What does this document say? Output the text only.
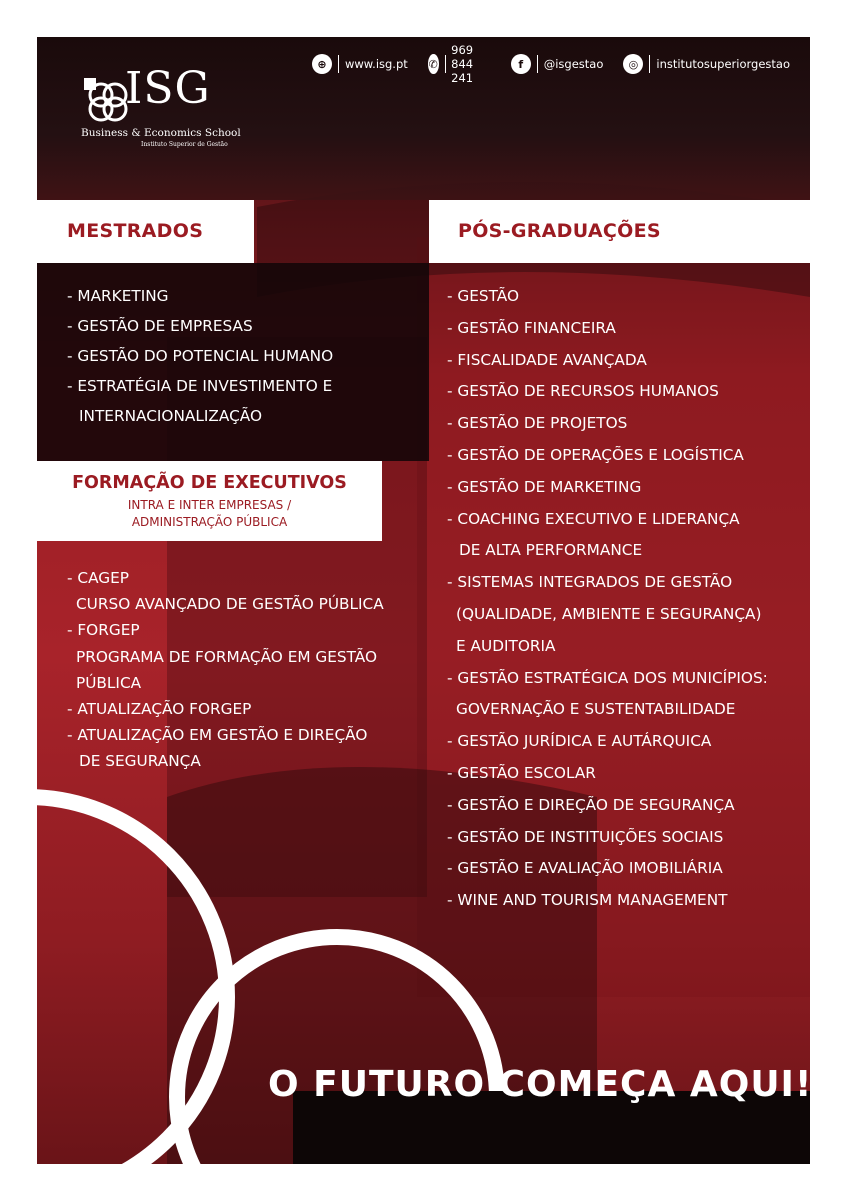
ISG
Business & Economics School
Instituto Superior de Gestão
⊕	www.isg.pt ✆
969 844 241
f	@isgestao	◎	institutosuperiorgestao
MESTRADOS	PÓS-GRADUAÇÕES
- MARKETING
- GESTÃO DE EMPRESAS
- GESTÃO DO POTENCIAL HUMANO
- ESTRATÉGIA DE INVESTIMENTO E
INTERNACIONALIZAÇÃO
FORMAÇÃO DE EXECUTIVOS
INTRA E INTER EMPRESAS /
ADMINISTRAÇÃO PÚBLICA
- CAGEP
CURSO AVANÇADO DE GESTÃO PÚBLICA
- FORGEP
PROGRAMA DE FORMAÇÃO EM GESTÃO
PÚBLICA
- ATUALIZAÇÃO FORGEP
- ATUALIZAÇÃO EM GESTÃO E DIREÇÃO
DE SEGURANÇA
- GESTÃO
- GESTÃO FINANCEIRA
- FISCALIDADE AVANÇADA
- GESTÃO DE RECURSOS HUMANOS
- GESTÃO DE PROJETOS
- GESTÃO DE OPERAÇÕES E LOGÍSTICA
- GESTÃO DE MARKETING
- COACHING EXECUTIVO E LIDERANÇA
DE ALTA PERFORMANCE
- SISTEMAS INTEGRADOS DE GESTÃO
(QUALIDADE, AMBIENTE E SEGURANÇA)
E AUDITORIA
- GESTÃO ESTRATÉGICA DOS MUNICÍPIOS:
GOVERNAÇÃO E SUSTENTABILIDADE
- GESTÃO JURÍDICA E AUTÁRQUICA
- GESTÃO ESCOLAR
- GESTÃO E DIREÇÃO DE SEGURANÇA
- GESTÃO DE INSTITUIÇÕES SOCIAIS
- GESTÃO E AVALIAÇÃO IMOBILIÁRIA
- WINE AND TOURISM MANAGEMENT
O FUTURO COMEÇA AQUI!
